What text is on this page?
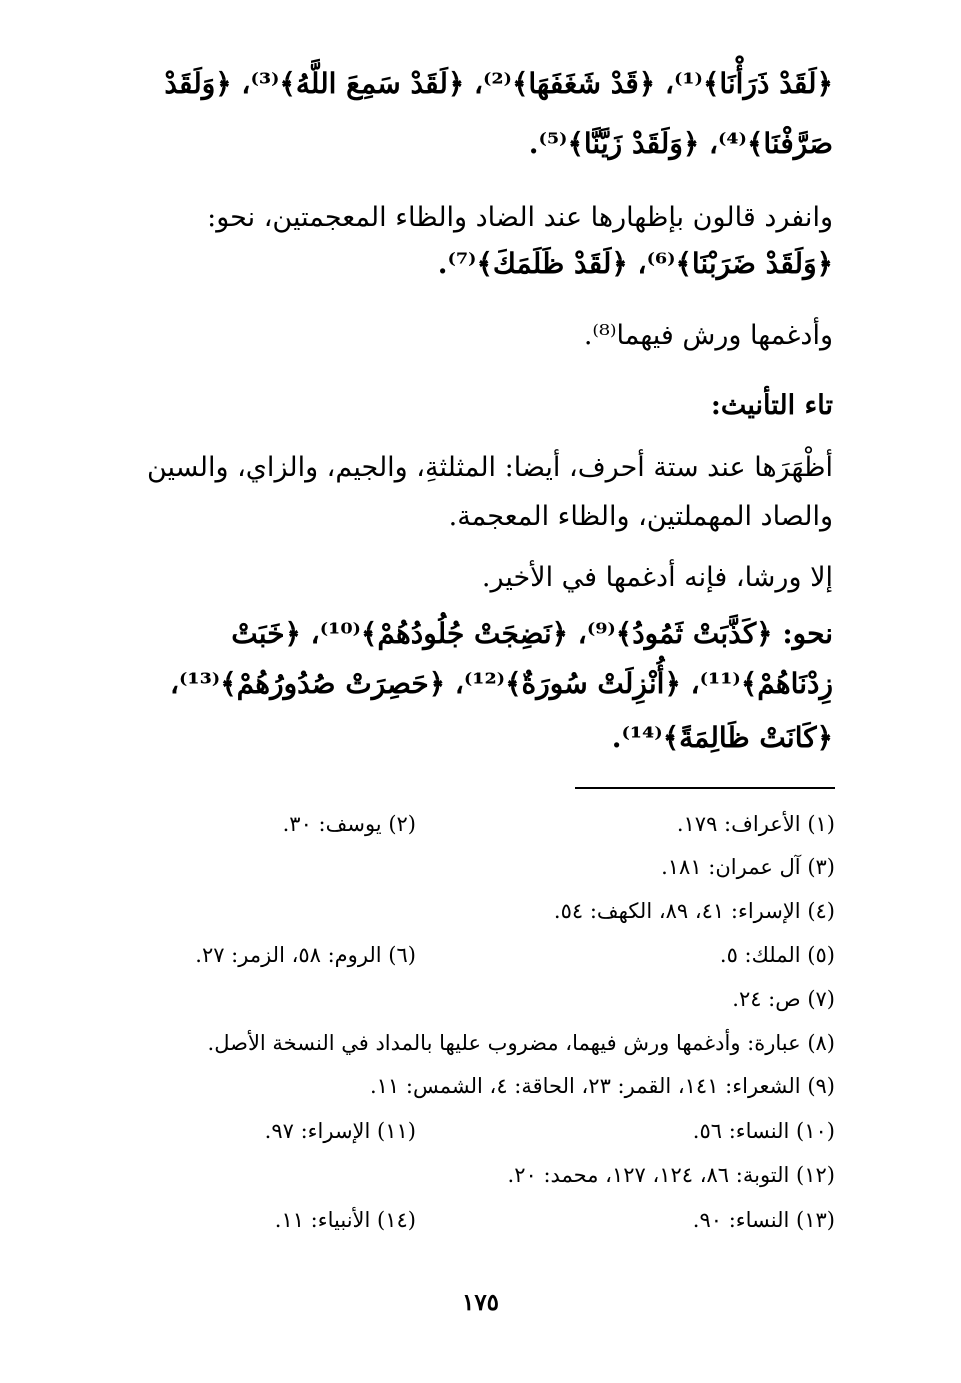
﴿لَقَدْ ذَرَأْنَا﴾⁽¹⁾، ﴿قَدْ شَغَفَهَا﴾⁽²⁾، ﴿لَقَدْ سَمِعَ اللَّهُ﴾⁽³⁾، ﴿وَلَقَدْ
صَرَّفْنَا﴾⁽⁴⁾، ﴿وَلَقَدْ زَيَّنَّا﴾⁽⁵⁾.
وانفرد قالون بإظهارها عند الضاد والظاء المعجمتين، نحو:
﴿وَلَقَدْ ضَرَبْنَا﴾⁽⁶⁾، ﴿لَقَدْ ظَلَمَكَ﴾⁽⁷⁾.
وأدغمها ورش فيهما⁽⁸⁾.
تاء التأنيث:
أظْهَرَها عند ستة أحرف، أيضا: المثلثةِ، والجيم، والزاي، والسين
والصاد المهملتين، والظاء المعجمة.
إلا ورشا، فإنه أدغمها في الأخير.
نحو: ﴿كَذَّبَتْ ثَمُودُ﴾⁽⁹⁾، ﴿نَضِجَتْ جُلُودُهُمْ﴾⁽¹⁰⁾، ﴿خَبَتْ
زِدْنَاهُمْ﴾⁽¹¹⁾، ﴿أُنْزِلَتْ سُورَةٌ﴾⁽¹²⁾، ﴿حَصِرَتْ صُدُورُهُمْ﴾⁽¹³⁾،
﴿كَانَتْ ظَالِمَةً﴾⁽¹⁴⁾.
(١) الأعراف: ١٧٩.
(٢) يوسف: ٣٠.
(٣) آل عمران: ١٨١.
(٤) الإسراء: ٤١، ٨٩، الكهف: ٥٤.
(٥) الملك: ٥.
(٦) الروم: ٥٨، الزمر: ٢٧.
(٧) ص: ٢٤.
(٨) عبارة: وأدغمها ورش فيهما، مضروب عليها بالمداد في النسخة الأصل.
(٩) الشعراء: ١٤١، القمر: ٢٣، الحاقة: ٤، الشمس: ١١.
(١٠) النساء: ٥٦.
(١١) الإسراء: ٩٧.
(١٢) التوبة: ٨٦، ١٢٤، ١٢٧، محمد: ٢٠.
(١٣) النساء: ٩٠.
(١٤) الأنبياء: ١١.
١٧٥
